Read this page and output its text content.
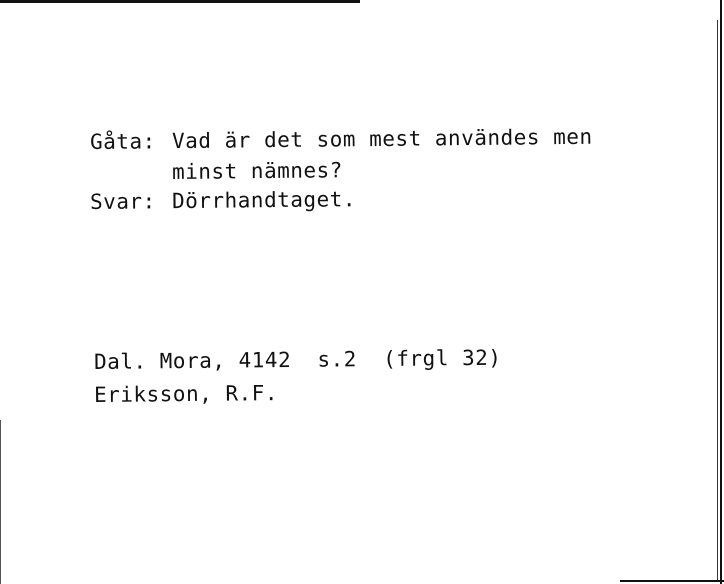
Gåta: Vad är det som mest användes men
minst nämnes?
Svar: Dörrhandtaget.
Dal. Mora, 4142 s.2 (frgl 32)
Eriksson, R.F.
